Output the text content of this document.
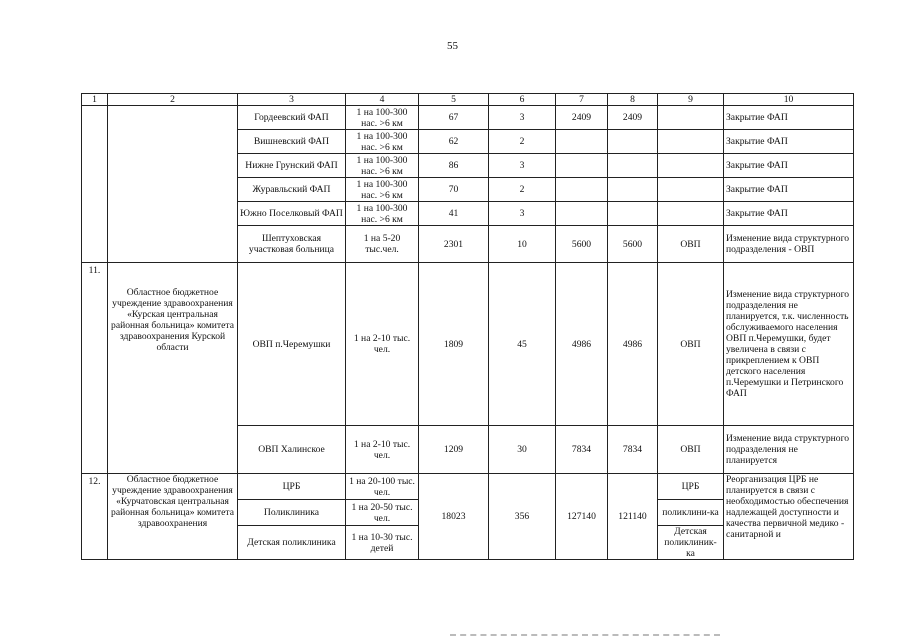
55
1	2	3	4	5	6	7	8	9	10
		Гордеевский ФАП	1 на 100-300 нас. >6 км	67	3	2409	2409		Закрытие ФАП
		Вишневский ФАП	1 на 100-300 нас. >6 км	62	2				Закрытие ФАП
		Нижне Грунский ФАП	1 на 100-300 нас. >6 км	86	3				Закрытие ФАП
		Журавльский ФАП	1 на 100-300 нас. >6 км	70	2				Закрытие ФАП
		Южно Поселковый ФАП	1 на 100-300 нас. >6 км	41	3				Закрытие ФАП
		Шептуховская участковая больница	1 на 5-20 тыс.чел.	2301	10	5600	5600	ОВП	Изменение вида структурного подразделения - ОВП
11.	Областное бюджетное учреждение здравоохранения «Курская центральная районная больница» комитета здравоохранения Курской области	ОВП п.Черемушки	1 на 2-10 тыс. чел.	1809	45	4986	4986	ОВП	Изменение вида структурного подразделения не планируется, т.к. численность обслуживаемого населения ОВП п.Черемушки, будет увеличена в связи с прикреплением к ОВП детского населения п.Черемушки и Петринского ФАП
		ОВП Халинское	1 на 2-10 тыс. чел.	1209	30	7834	7834	ОВП	Изменение вида структурного подразделения не планируется
12.	Областное бюджетное учреждение здравоохранения «Курчатовская центральная районная больница» комитета здравоохранения	ЦРБ	1 на 20-100 тыс. чел.	18023	356	127140	121140	ЦРБ	Реорганизация ЦРБ не планируется в связи с необходимостью обеспечения надлежащей доступности и качества первичной медико - санитарной и
		Поликлиника	1 на 20-50 тыс. чел.					поликлини-ка	
		Детская поликлиника	1 на 10-30 тыс. детей					Детская поликлиник-ка	
